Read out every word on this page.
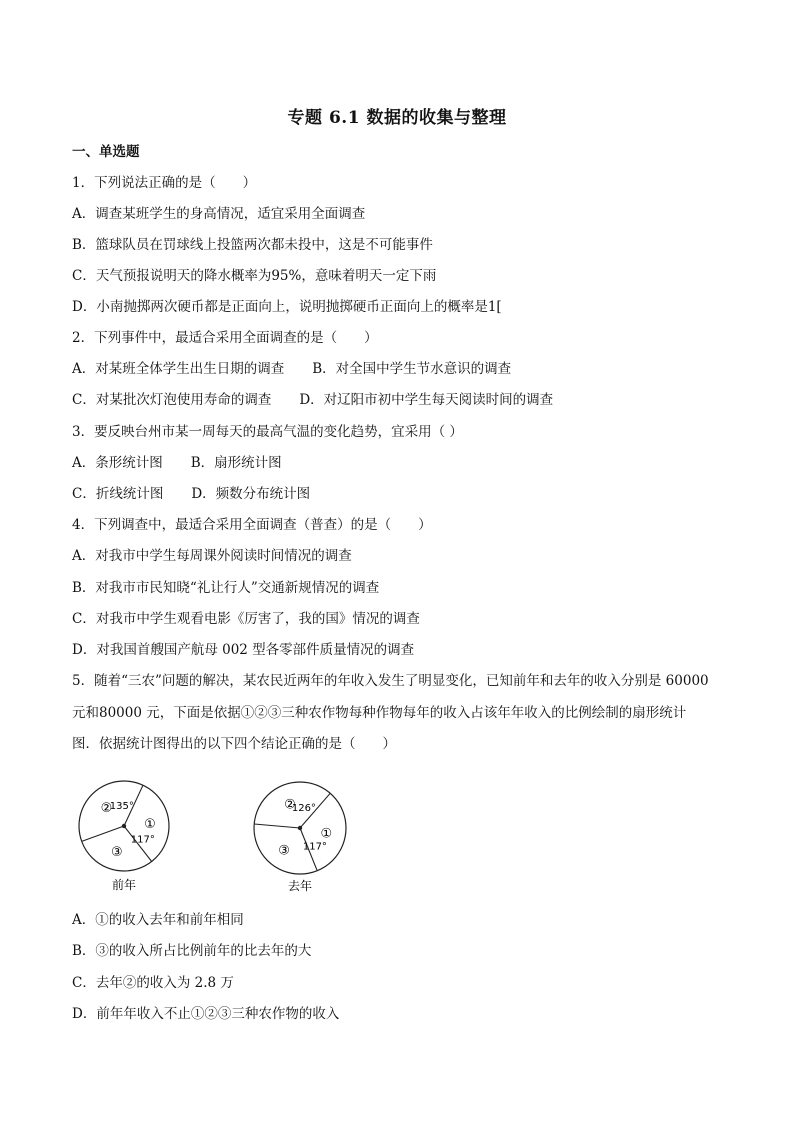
专题 6.1 数据的收集与整理
一、单选题
1．下列说法正确的是（　　）
A．调查某班学生的身高情况，适宜采用全面调查
B．篮球队员在罚球线上投篮两次都未投中，这是不可能事件
C．天气预报说明天的降水概率为95%，意味着明天一定下雨
D．小南抛掷两次硬币都是正面向上，说明抛掷硬币正面向上的概率是1[
2．下列事件中，最适合采用全面调查的是（　　）
A．对某班全体学生出生日期的调查 B．对全国中学生节水意识的调查
C．对某批次灯泡使用寿命的调查 D．对辽阳市初中学生每天阅读时间的调查
3．要反映台州市某一周每天的最高气温的变化趋势，宜采用（ ）
A．条形统计图 B．扇形统计图
C．折线统计图 D．频数分布统计图
4．下列调查中，最适合采用全面调查（普查）的是（　　）
A．对我市中学生每周课外阅读时间情况的调查
B．对我市市民知晓“礼让行人”交通新规情况的调查
C．对我市中学生观看电影《厉害了，我的国》情况的调查
D．对我国首艘国产航母 002 型各零部件质量情况的调查
5．随着“三农”问题的解决，某农民近两年的年收入发生了明显变化，已知前年和去年的收入分别是 60000
元和80000 元，下面是依据①②③三种农作物每种作物每年的收入占该年年收入的比例绘制的扇形统计
图．依据统计图得出的以下四个结论正确的是（　　）
②
①
③
135°
117°
前年
②
①
③
126°
117°
去年
A．①的收入去年和前年相同
B．③的收入所占比例前年的比去年的大
C．去年②的收入为 2.8 万
D．前年年收入不止①②③三种农作物的收入
